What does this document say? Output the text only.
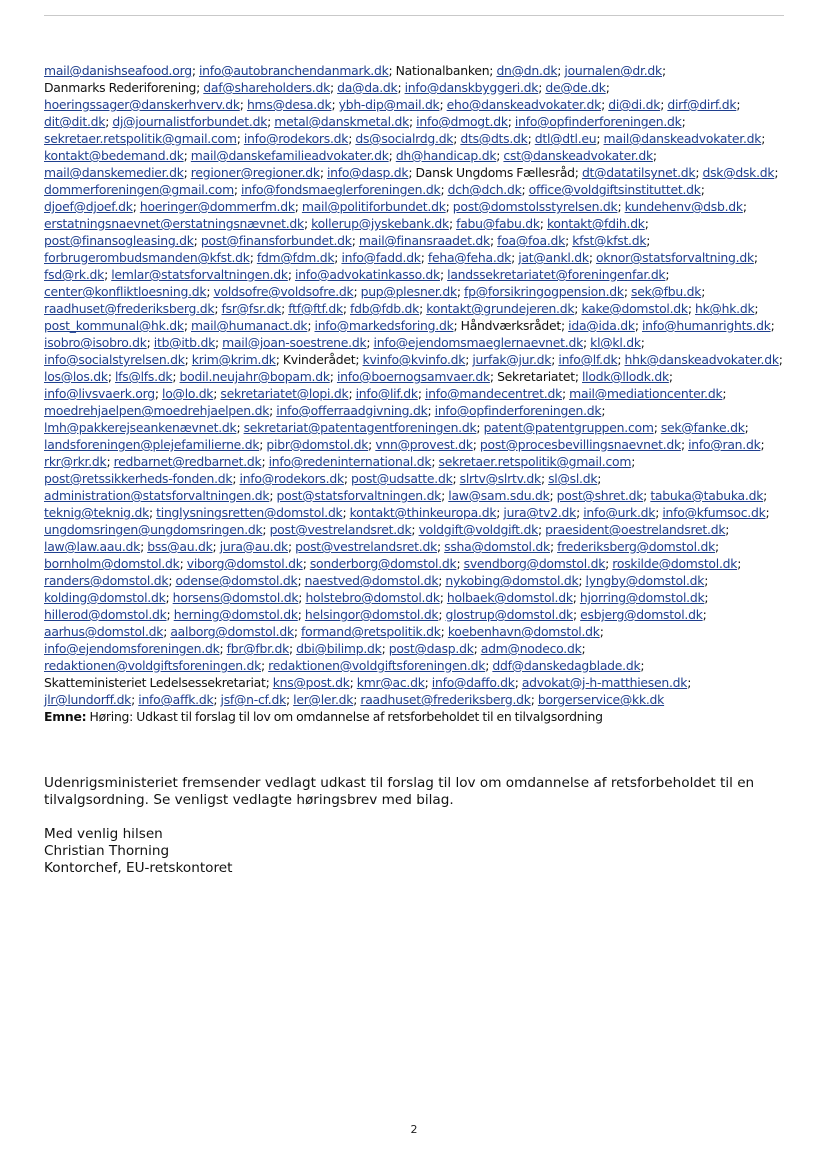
mail@danishseafood.org; info@autobranchendanmark.dk; Nationalbanken; dn@dn.dk; journalen@dr.dk; Danmarks Rederiforening; daf@shareholders.dk; da@da.dk; info@danskbyggeri.dk; de@de.dk; hoeringssager@danskerhverv.dk; hms@desa.dk; ybh-dip@mail.dk; eho@danskeadvokater.dk; di@di.dk; dirf@dirf.dk; dit@dit.dk; dj@journalistforbundet.dk; metal@danskmetal.dk; info@dmogt.dk; info@opfinderforeningen.dk; sekretaer.retspolitik@gmail.com; info@rodekors.dk; ds@socialrdg.dk; dts@dts.dk; dtl@dtl.eu; mail@danskeadvokater.dk; kontakt@bedemand.dk; mail@danskefamilieadvokater.dk; dh@handicap.dk; cst@danskeadvokater.dk; mail@danskemedier.dk; regioner@regioner.dk; info@dasp.dk; Dansk Ungdoms Fællesråd; dt@datatilsynet.dk; dsk@dsk.dk; dommerforeningen@gmail.com; info@fondsmaeglerforeningen.dk; dch@dch.dk; office@voldgiftsinstituttet.dk; djoef@djoef.dk; hoeringer@dommerfm.dk; mail@politiforbundet.dk; post@domstolsstyrelsen.dk; kundehenv@dsb.dk; erstatningsnaevnet@erstatningsnævnet.dk; kollerup@jyskebank.dk; fabu@fabu.dk; kontakt@fdih.dk; post@finansogleasing.dk; post@finansforbundet.dk; mail@finansraadet.dk; foa@foa.dk; kfst@kfst.dk; forbrugerombudsmanden@kfst.dk; fdm@fdm.dk; info@fadd.dk; feha@feha.dk; jat@ankl.dk; oknor@statsforvaltning.dk; fsd@rk.dk; lemlar@statsforvaltningen.dk; info@advokatinkasso.dk; landssekretariatet@foreningenfar.dk; center@konfliktloesning.dk; voldsofre@voldsofre.dk; pup@plesner.dk; fp@forsikringogpension.dk; sek@fbu.dk; raadhuset@frederiksberg.dk; fsr@fsr.dk; ftf@ftf.dk; fdb@fdb.dk; kontakt@grundejeren.dk; kake@domstol.dk; hk@hk.dk; post_kommunal@hk.dk; mail@humanact.dk; info@markedsforing.dk; Håndværksrådet; ida@ida.dk; info@humanrights.dk; isobro@isobro.dk; itb@itb.dk; mail@joan-soestrene.dk; info@ejendomsmaeglernaevnet.dk; kl@kl.dk; info@socialstyrelsen.dk; krim@krim.dk; Kvinderådet; kvinfo@kvinfo.dk; jurfak@jur.dk; info@lf.dk; hhk@danskeadvokater.dk; los@los.dk; lfs@lfs.dk; bodil.neujahr@bopam.dk; info@boernogsamvaer.dk; Sekretariatet; llodk@llodk.dk; info@livsvaerk.org; lo@lo.dk; sekretariatet@lopi.dk; info@lif.dk; info@mandecentret.dk; mail@mediationcenter.dk; moedrehjaelpen@moedrehjaelpen.dk; info@offerraadgivning.dk; info@opfinderforeningen.dk; lmh@pakkerejseankenævnet.dk; sekretariat@patentagentforeningen.dk; patent@patentgruppen.com; sek@fanke.dk; landsforeningen@plejefamilierne.dk; pibr@domstol.dk; vnn@provest.dk; post@procesbevillingsnaevnet.dk; info@ran.dk; rkr@rkr.dk; redbarnet@redbarnet.dk; info@redeninternational.dk; sekretaer.retspolitik@gmail.com; post@retssikkerheds-fonden.dk; info@rodekors.dk; post@udsatte.dk; slrtv@slrtv.dk; sl@sl.dk; administration@statsforvaltningen.dk; post@statsforvaltningen.dk; law@sam.sdu.dk; post@shret.dk; tabuka@tabuka.dk; teknig@teknig.dk; tinglysningsretten@domstol.dk; kontakt@thinkeuropa.dk; jura@tv2.dk; info@urk.dk; info@kfumsoc.dk; ungdomsringen@ungdomsringen.dk; post@vestrelandsret.dk; voldgift@voldgift.dk; praesident@oestrelandsret.dk; law@law.aau.dk; bss@au.dk; jura@au.dk; post@vestrelandsret.dk; ssha@domstol.dk; frederiksberg@domstol.dk; bornholm@domstol.dk; viborg@domstol.dk; sonderborg@domstol.dk; svendborg@domstol.dk; roskilde@domstol.dk; randers@domstol.dk; odense@domstol.dk; naestved@domstol.dk; nykobing@domstol.dk; lyngby@domstol.dk; kolding@domstol.dk; horsens@domstol.dk; holstebro@domstol.dk; holbaek@domstol.dk; hjorring@domstol.dk; hillerod@domstol.dk; herning@domstol.dk; helsingor@domstol.dk; glostrup@domstol.dk; esbjerg@domstol.dk; aarhus@domstol.dk; aalborg@domstol.dk; formand@retspolitik.dk; koebenhavn@domstol.dk; info@ejendomsforeningen.dk; fbr@fbr.dk; dbi@bilimp.dk; post@dasp.dk; adm@nodeco.dk; redaktionen@voldgiftsforeningen.dk; redaktionen@voldgiftsforeningen.dk; ddf@danskedagblade.dk; Skatteministeriet Ledelsessekretariat; kns@post.dk; kmr@ac.dk; info@daffo.dk; advokat@j-h-matthiesen.dk; jlr@lundorff.dk; info@affk.dk; jsf@n-cf.dk; ler@ler.dk; raadhuset@frederiksberg.dk; borgerservice@kk.dk
Emne: Høring: Udkast til forslag til lov om omdannelse af retsforbeholdet til en tilvalgsordning

Udenrigsministeriet fremsender vedlagt udkast til forslag til lov om omdannelse af retsforbeholdet til en tilvalgsordning. Se venligst vedlagte høringsbrev med bilag.

Med venlig hilsen
Christian Thorning
Kontorchef, EU-retskontoret
2
